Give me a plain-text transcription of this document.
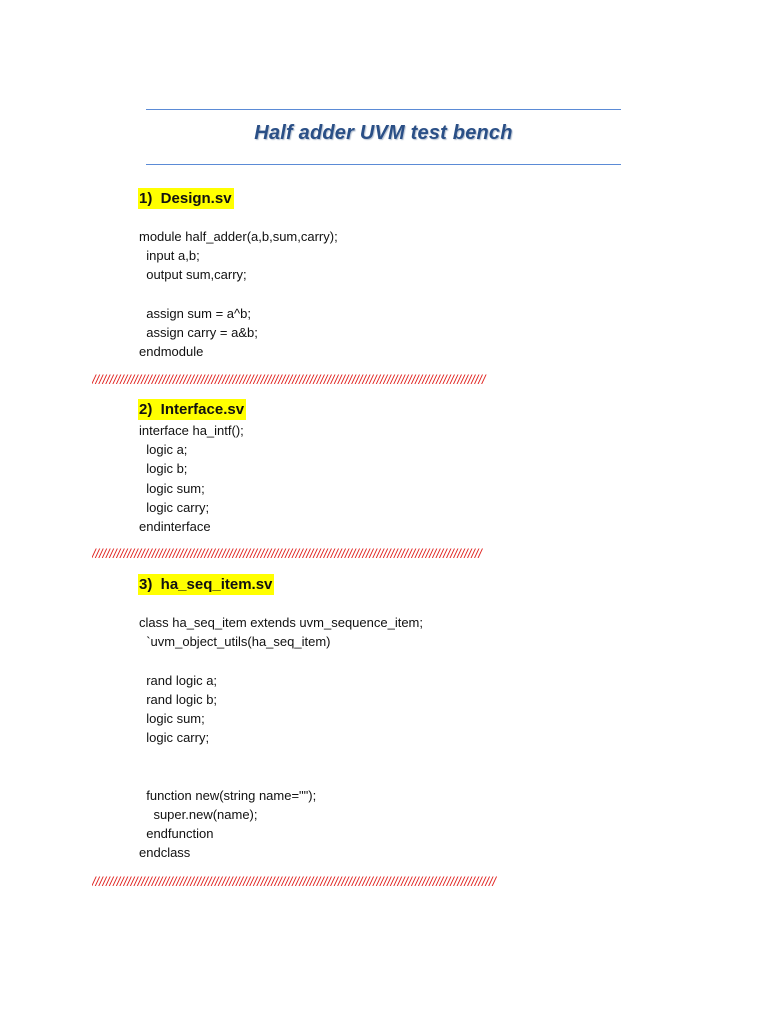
Half adder UVM test bench
1)  Design.sv
module half_adder(a,b,sum,carry);
input a,b;
output sum,carry;

assign sum = a^b;
assign carry = a&b;
endmodule
////////////////////////////////////////////////////////////////////////////////////////////////////////////////
2)  Interface.sv
interface ha_intf();
logic a;
logic b;
logic sum;
logic carry;
endinterface
///////////////////////////////////////////////////////////////////////////////////////////////////////////////
3)  ha_seq_item.sv
class ha_seq_item extends uvm_sequence_item;
`uvm_object_utils(ha_seq_item)

rand logic a;
rand logic b;
logic sum;
logic carry;

function new(string name="");
super.new(name);
endfunction
endclass
///////////////////////////////////////////////////////////////////////////////////////////////////////////////////
